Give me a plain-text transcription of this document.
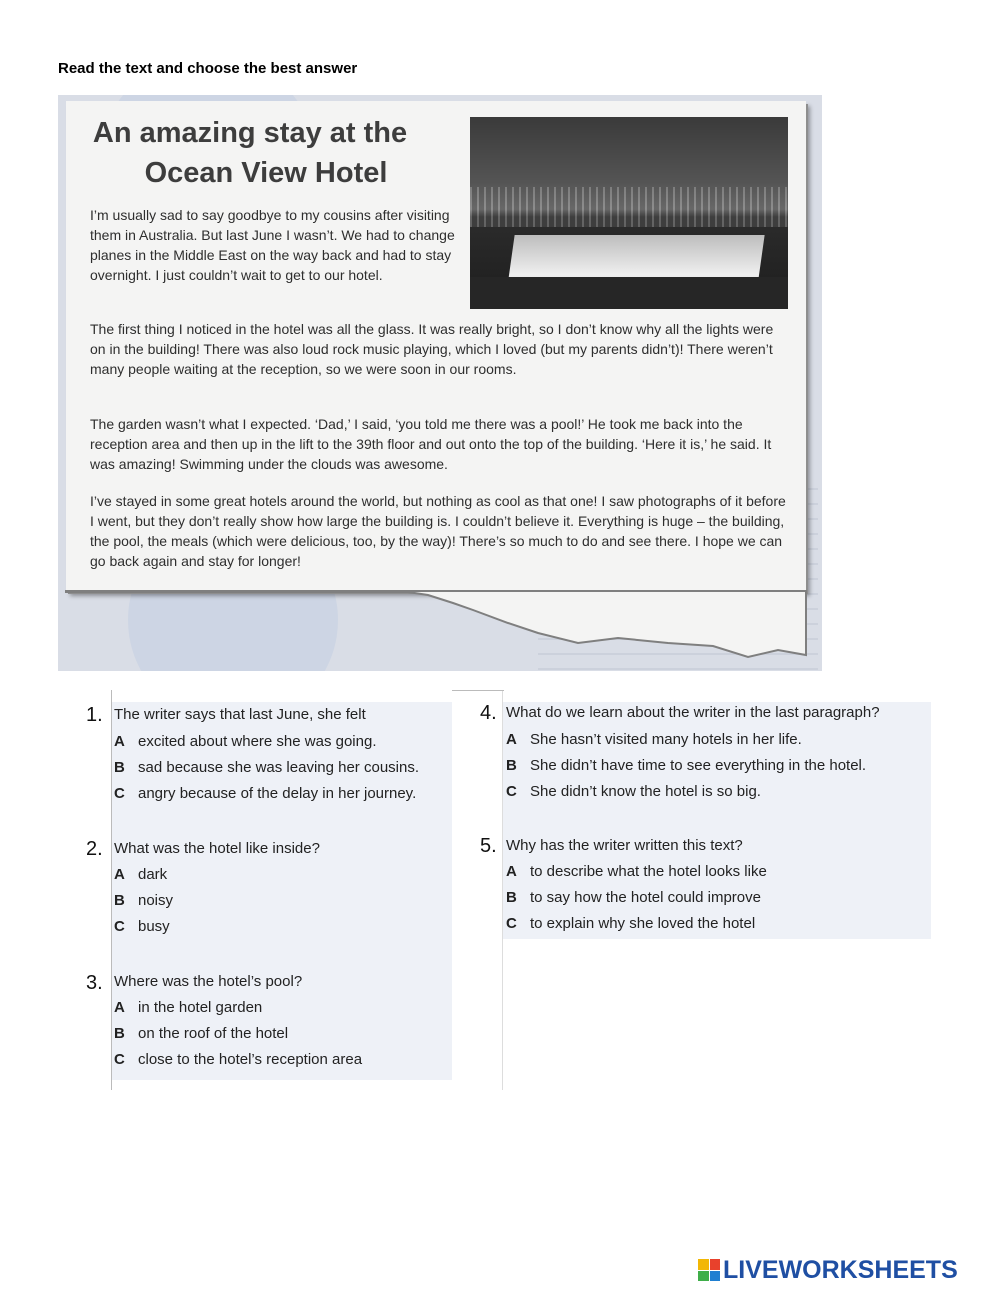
Read the text and choose the best answer
An amazing stay at the
Ocean View Hotel

I’m usually sad to say goodbye to my cousins after visiting them in Australia. But last June I wasn’t. We had to change planes in the Middle East on the way back and had to stay overnight. I just couldn’t wait to get to our hotel.

The first thing I noticed in the hotel was all the glass. It was really bright, so I don’t know why all the lights were on in the building! There was also loud rock music playing, which I loved (but my parents didn’t)! There weren’t many people waiting at the reception, so we were soon in our rooms.

The garden wasn’t what I expected. ‘Dad,’ I said, ‘you told me there was a pool!’ He took me back into the reception area and then up in the lift to the 39th floor and out onto the top of the building. ‘Here it is,’ he said. It was amazing! Swimming under the clouds was awesome.

I’ve stayed in some great hotels around the world, but nothing as cool as that one! I saw photographs of it before I went, but they don’t really show how large the building is. I couldn’t believe it. Everything is huge – the building, the pool, the meals (which were delicious, too, by the way)! There’s so much to do and see there. I hope we can go back again and stay for longer!

1. The writer says that last June, she felt
A excited about where she was going.
B sad because she was leaving her cousins.
C angry because of the delay in her journey.
2. What was the hotel like inside?
A dark
B noisy
C busy
3. Where was the hotel’s pool?
A in the hotel garden
B on the roof of the hotel
C close to the hotel’s reception area
4. What do we learn about the writer in the last paragraph?
A She hasn’t visited many hotels in her life.
B She didn’t have time to see everything in the hotel.
C She didn’t know the hotel is so big.
5. Why has the writer written this text?
A to describe what the hotel looks like
B to say how the hotel could improve
C to explain why she loved the hotel
LIVEWORKSHEETS
